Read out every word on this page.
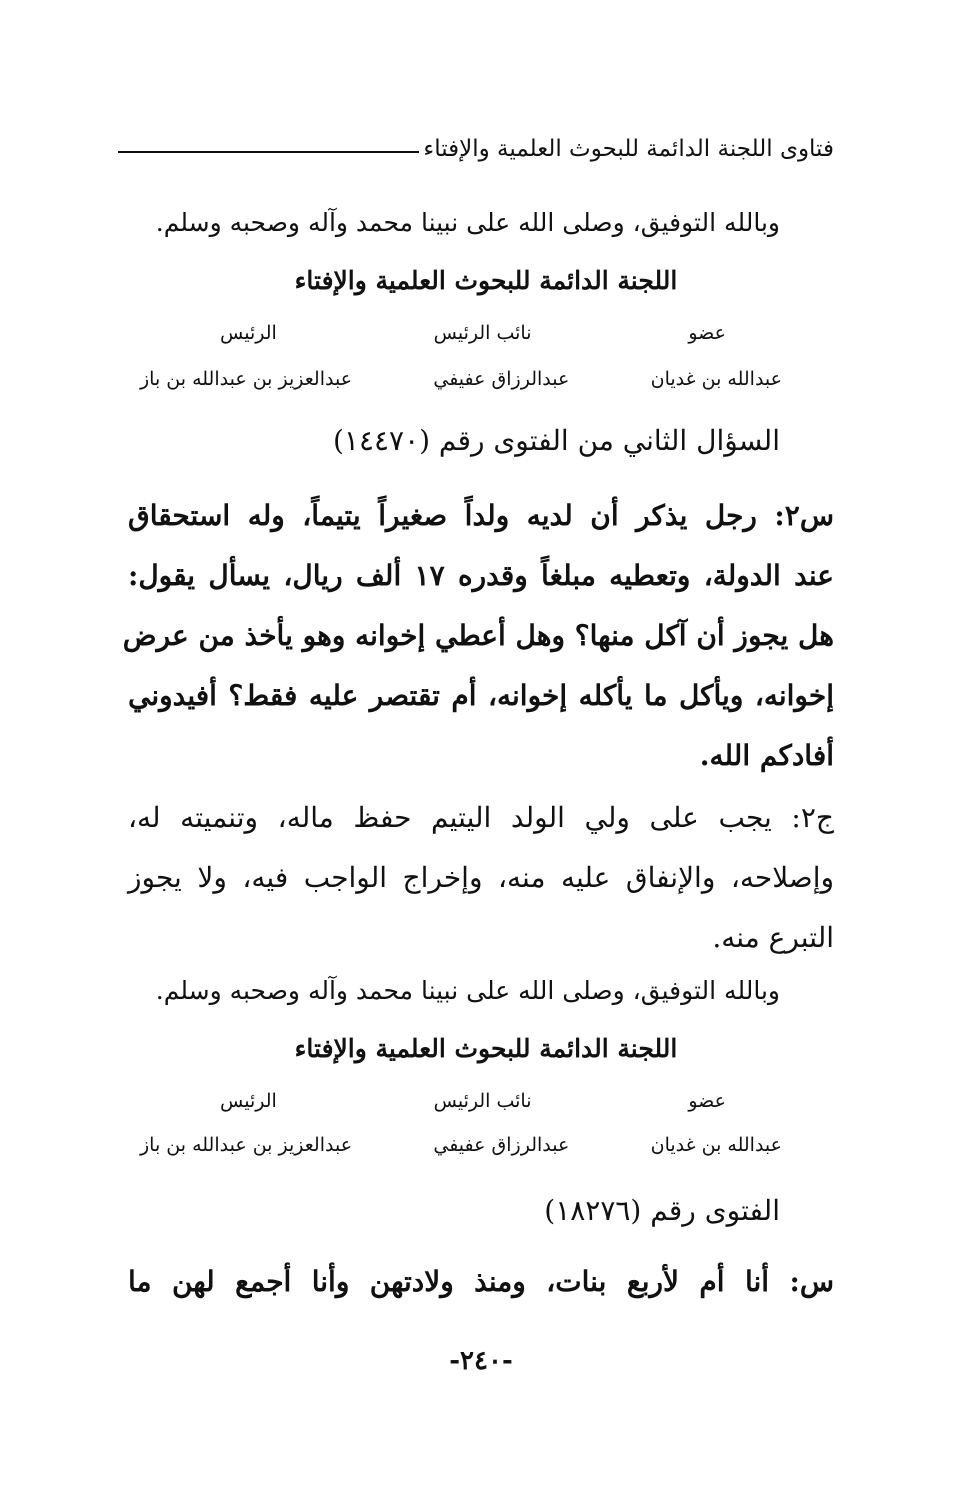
فتاوى اللجنة الدائمة للبحوث العلمية والإفتاء
وبالله التوفيق، وصلى الله على نبينا محمد وآله وصحبه وسلم.
اللجنة الدائمة للبحوث العلمية والإفتاء
عضو
نائب الرئيس
الرئيس
عبدالله بن غديان
عبدالرزاق عفيفي
عبدالعزيز بن عبدالله بن باز
السؤال الثاني من الفتوى رقم (١٤٤٧٠)
س٢: رجل يذكر أن لديه ولداً صغيراً يتيماً، وله استحقاق
عند الدولة، وتعطيه مبلغاً وقدره ١٧ ألف ريال، يسأل يقول:
هل يجوز أن آكل منها؟ وهل أعطي إخوانه وهو يأخذ من عرض
إخوانه، ويأكل ما يأكله إخوانه، أم تقتصر عليه فقط؟ أفيدوني
أفادكم الله.
ج٢: يجب على ولي الولد اليتيم حفظ ماله، وتنميته له،
وإصلاحه، والإنفاق عليه منه، وإخراج الواجب فيه، ولا يجوز
التبرع منه.
وبالله التوفيق، وصلى الله على نبينا محمد وآله وصحبه وسلم.
اللجنة الدائمة للبحوث العلمية والإفتاء
عضو
نائب الرئيس
الرئيس
عبدالله بن غديان
عبدالرزاق عفيفي
عبدالعزيز بن عبدالله بن باز
الفتوى رقم (١٨٢٧٦)
س: أنا أم لأربع بنات، ومنذ ولادتهن وأنا أجمع لهن ما
-٢٤٠-
